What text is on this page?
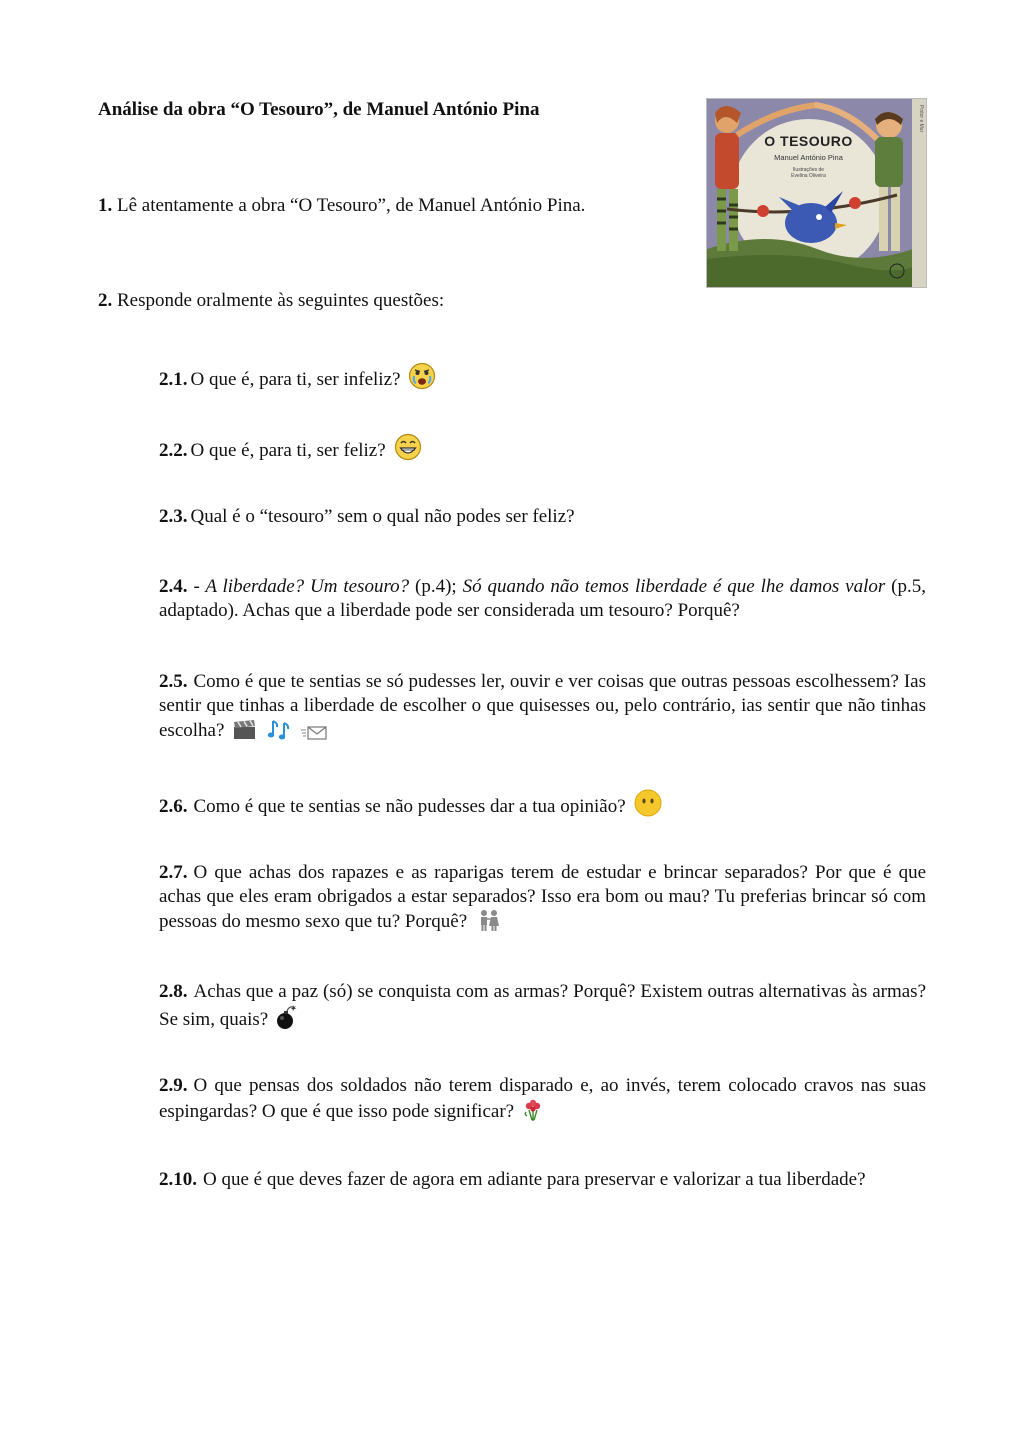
Análise da obra “O Tesouro”, de Manuel António Pina
O TESOURO
Manuel António Pina
Ilustrações de
Evelina Oliveira
Pintor e Mar
1. Lê atentamente a obra “O Tesouro”, de Manuel António Pina.
2. Responde oralmente às seguintes questões:
2.1. O que é, para ti, ser infeliz?
2.2. O que é, para ti, ser feliz?
2.3. Qual é o “tesouro” sem o qual não podes ser feliz?
2.4. - A liberdade? Um tesouro? (p.4); Só quando não temos liberdade é que lhe damos valor (p.5, adaptado). Achas que a liberdade pode ser considerada um tesouro? Porquê?
2.5. Como é que te sentias se só pudesses ler, ouvir e ver coisas que outras pessoas escolhessem? Ias sentir que tinhas a liberdade de escolher o que quisesses ou, pelo contrário, ias sentir que não tinhas escolha?
2.6. Como é que te sentias se não pudesses dar a tua opinião?
2.7. O que achas dos rapazes e as raparigas terem de estudar e brincar separados? Por que é que achas que eles eram obrigados a estar separados? Isso era bom ou mau? Tu preferias brincar só com pessoas do mesmo sexo que tu? Porquê?
2.8. Achas que a paz (só) se conquista com as armas? Porquê? Existem outras alternativas às armas? Se sim, quais?
2.9. O que pensas dos soldados não terem disparado e, ao invés, terem colocado cravos nas suas espingardas? O que é que isso pode significar?
2.10. O que é que deves fazer de agora em adiante para preservar e valorizar a tua liberdade?
